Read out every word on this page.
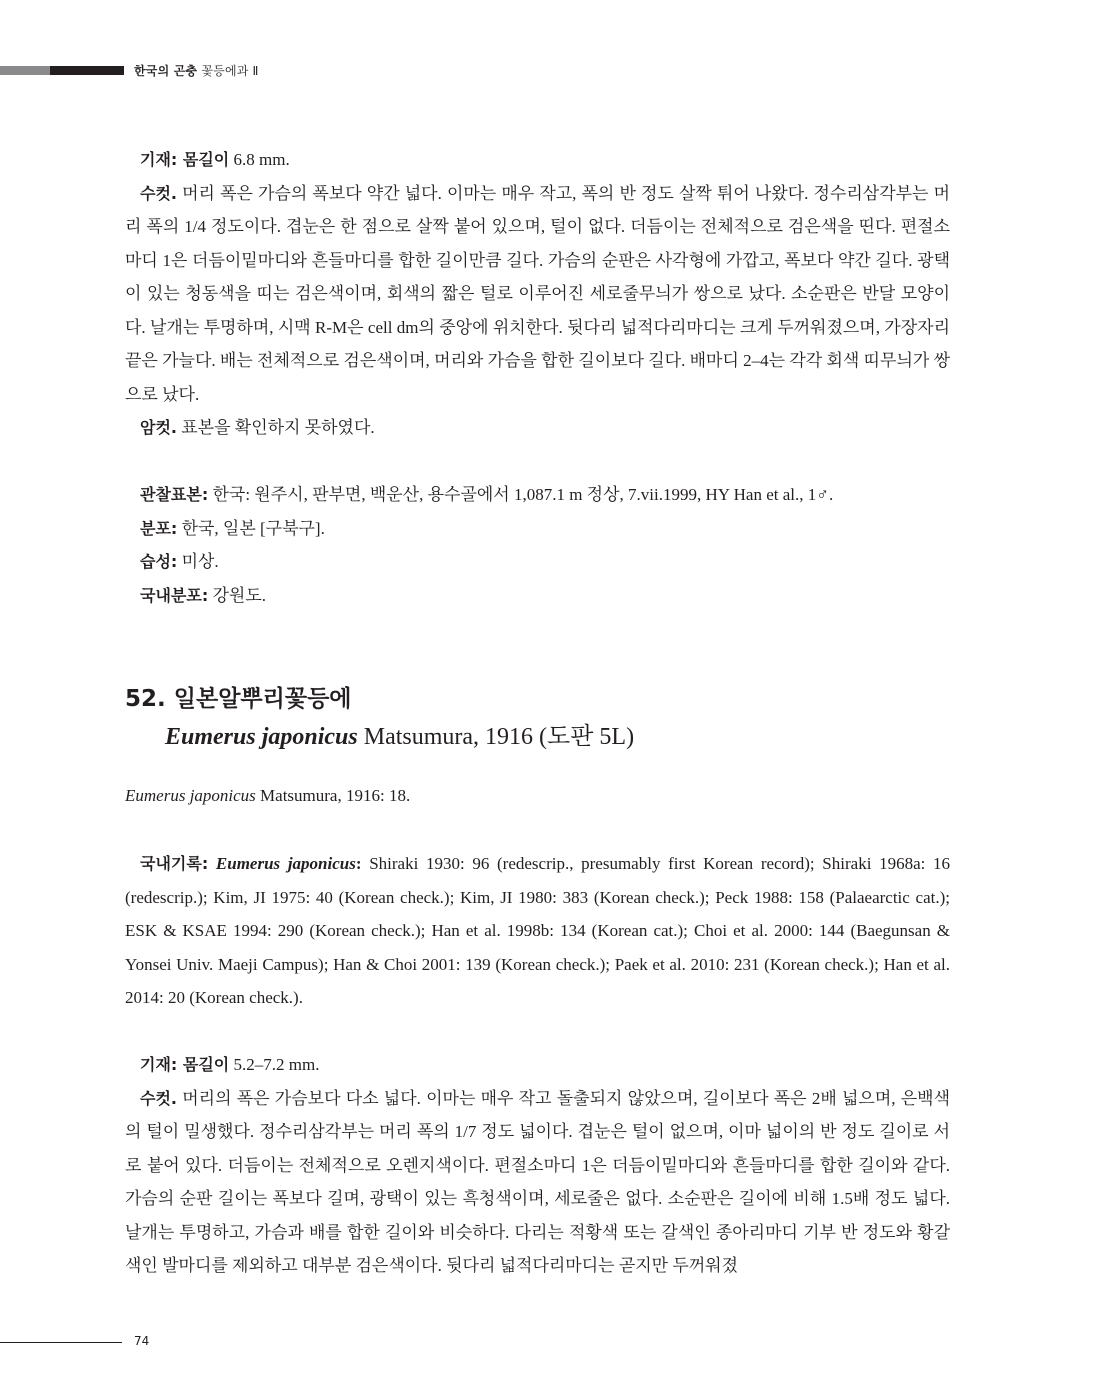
한국의 곤충 꽃등에과 Ⅱ

기재: 몸길이 6.8 mm.

수컷. 머리 폭은 가슴의 폭보다 약간 넓다. 이마는 매우 작고, 폭의 반 정도 살짝 튀어 나왔다. 정수리삼각부는 머리 폭의 1/4 정도이다. 겹눈은 한 점으로 살짝 붙어 있으며, 털이 없다. 더듬이는 전체적으로 검은색을 띤다. 편절소마디 1은 더듬이밑마디와 흔들마디를 합한 길이만큼 길다. 가슴의 순판은 사각형에 가깝고, 폭보다 약간 길다. 광택이 있는 청동색을 띠는 검은색이며, 회색의 짧은 털로 이루어진 세로줄무늬가 쌍으로 났다. 소순판은 반달 모양이다. 날개는 투명하며, 시맥 R-M은 cell dm의 중앙에 위치한다. 뒷다리 넓적다리마디는 크게 두꺼워졌으며, 가장자리 끝은 가늘다. 배는 전체적으로 검은색이며, 머리와 가슴을 합한 길이보다 길다. 배마디 2–4는 각각 회색 띠무늬가 쌍으로 났다.

암컷. 표본을 확인하지 못하였다.

관찰표본: 한국: 원주시, 판부면, 백운산, 용수골에서 1,087.1 m 정상, 7.vii.1999, HY Han et al., 1♂.

분포: 한국, 일본 [구북구].

습성: 미상.

국내분포: 강원도.

52. 일본알뿌리꽃등에
Eumerus japonicus Matsumura, 1916 (도판 5L)
Eumerus japonicus Matsumura, 1916: 18.

국내기록: Eumerus japonicus: Shiraki 1930: 96 (redescrip., presumably first Korean record); Shiraki 1968a: 16 (redescrip.); Kim, JI 1975: 40 (Korean check.); Kim, JI 1980: 383 (Korean check.); Peck 1988: 158 (Palaearctic cat.); ESK & KSAE 1994: 290 (Korean check.); Han et al. 1998b: 134 (Korean cat.); Choi et al. 2000: 144 (Baegunsan & Yonsei Univ. Maeji Campus); Han & Choi 2001: 139 (Korean check.); Paek et al. 2010: 231 (Korean check.); Han et al. 2014: 20 (Korean check.).

기재: 몸길이 5.2–7.2 mm.

수컷. 머리의 폭은 가슴보다 다소 넓다. 이마는 매우 작고 돌출되지 않았으며, 길이보다 폭은 2배 넓으며, 은백색의 털이 밀생했다. 정수리삼각부는 머리 폭의 1/7 정도 넓이다. 겹눈은 털이 없으며, 이마 넓이의 반 정도 길이로 서로 붙어 있다. 더듬이는 전체적으로 오렌지색이다. 편절소마디 1은 더듬이밑마디와 흔들마디를 합한 길이와 같다. 가슴의 순판 길이는 폭보다 길며, 광택이 있는 흑청색이며, 세로줄은 없다. 소순판은 길이에 비해 1.5배 정도 넓다. 날개는 투명하고, 가슴과 배를 합한 길이와 비슷하다. 다리는 적황색 또는 갈색인 종아리마디 기부 반 정도와 황갈색인 발마디를 제외하고 대부분 검은색이다. 뒷다리 넓적다리마디는 곧지만 두꺼워졌

74
